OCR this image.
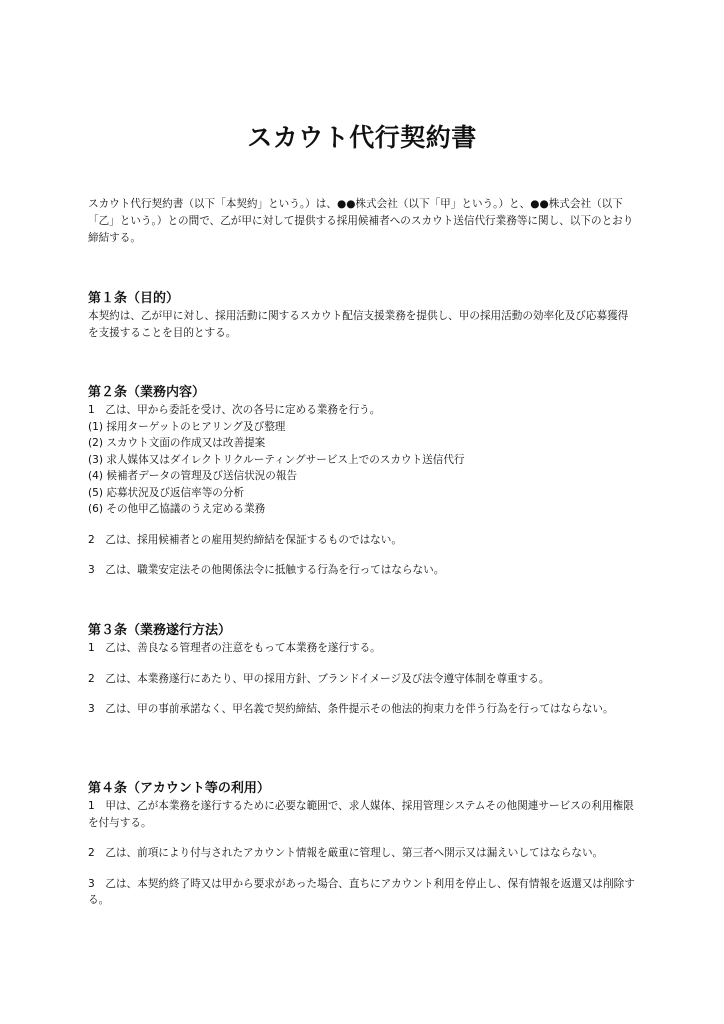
スカウト代行契約書

スカウト代行契約書（以下「本契約」という。）は、●●株式会社（以下「甲」という。）と、●●株式会社（以下「乙」という。）との間で、乙が甲に対して提供する採用候補者へのスカウト送信代行業務等に関し、以下のとおり締結する。

第１条（目的）

本契約は、乙が甲に対し、採用活動に関するスカウト配信支援業務を提供し、甲の採用活動の効率化及び応募獲得を支援することを目的とする。

第２条（業務内容）

1　乙は、甲から委託を受け、次の各号に定める業務を行う。

(1) 採用ターゲットのヒアリング及び整理
(2) スカウト文面の作成又は改善提案
(3) 求人媒体又はダイレクトリクルーティングサービス上でのスカウト送信代行
(4) 候補者データの管理及び送信状況の報告
(5) 応募状況及び返信率等の分析
(6) その他甲乙協議のうえ定める業務

2　乙は、採用候補者との雇用契約締結を保証するものではない。

3　乙は、職業安定法その他関係法令に抵触する行為を行ってはならない。

第３条（業務遂行方法）

1　乙は、善良なる管理者の注意をもって本業務を遂行する。

2　乙は、本業務遂行にあたり、甲の採用方針、ブランドイメージ及び法令遵守体制を尊重する。

3　乙は、甲の事前承諾なく、甲名義で契約締結、条件提示その他法的拘束力を伴う行為を行ってはならない。

第４条（アカウント等の利用）

1　甲は、乙が本業務を遂行するために必要な範囲で、求人媒体、採用管理システムその他関連サービスの利用権限を付与する。

2　乙は、前項により付与されたアカウント情報を厳重に管理し、第三者へ開示又は漏えいしてはならない。

3　乙は、本契約終了時又は甲から要求があった場合、直ちにアカウント利用を停止し、保有情報を返還又は削除する。
